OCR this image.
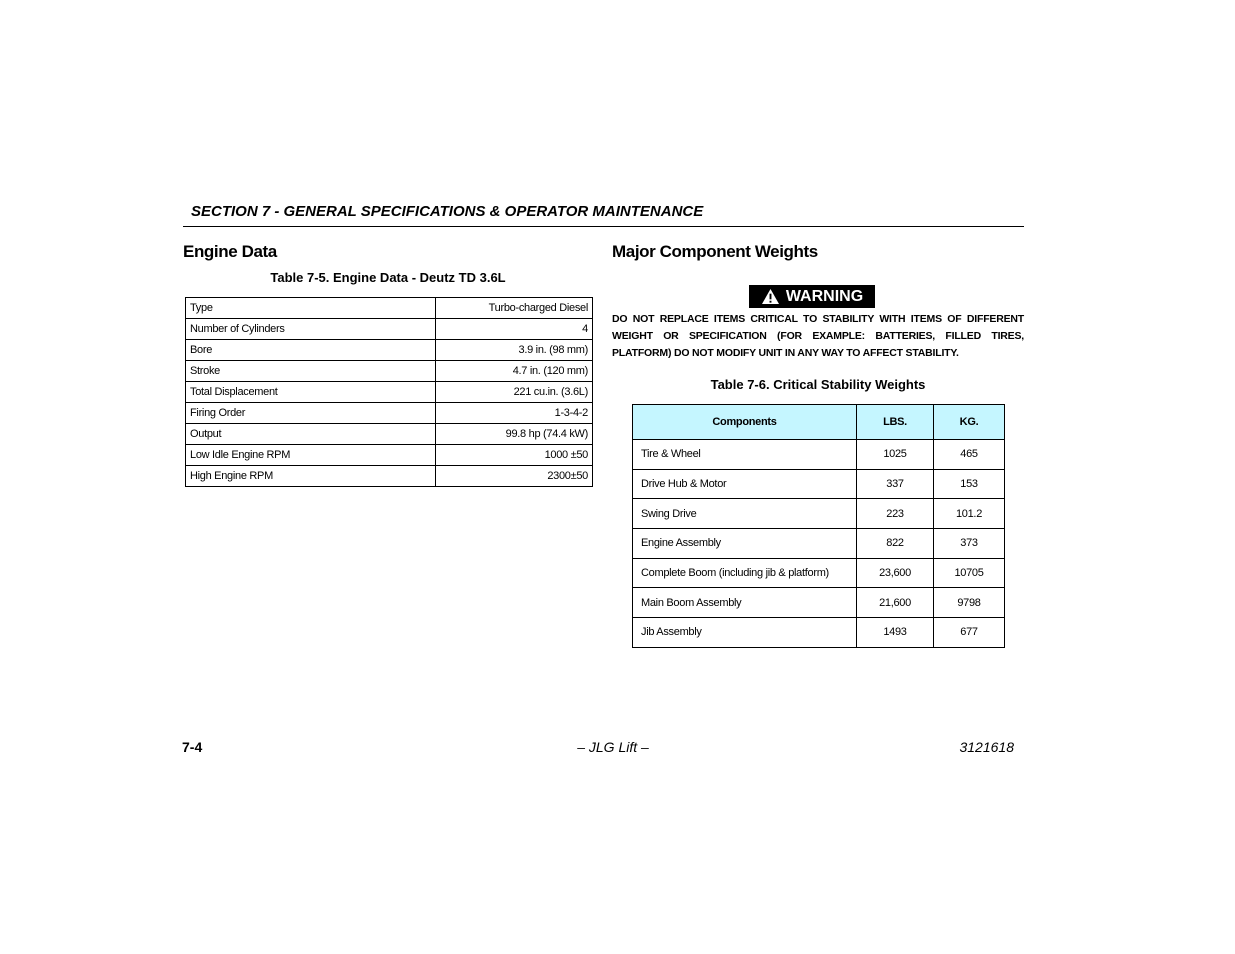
SECTION 7 - GENERAL SPECIFICATIONS & OPERATOR MAINTENANCE
Engine Data
Table 7-5. Engine Data - Deutz TD 3.6L
Type	Turbo-charged Diesel
Number of Cylinders	4
Bore	3.9 in. (98 mm)
Stroke	4.7 in. (120 mm)
Total Displacement	221 cu.in. (3.6L)
Firing Order	1-3-4-2
Output	99.8 hp (74.4 kW)
Low Idle Engine RPM	1000 ±50
High Engine RPM	2300±50
Major Component Weights
WARNING
DO NOT REPLACE ITEMS CRITICAL TO STABILITY WITH ITEMS OF DIFFERENT WEIGHT OR SPECIFICATION (FOR EXAMPLE: BATTERIES, FILLED TIRES, PLATFORM) DO NOT MODIFY UNIT IN ANY WAY TO AFFECT STABILITY.
Table 7-6. Critical Stability Weights
Components	LBS.	KG.
Tire & Wheel	1025	465
Drive Hub & Motor	337	153
Swing Drive	223	101.2
Engine Assembly	822	373
Complete Boom (including jib & platform)	23,600	10705
Main Boom Assembly	21,600	9798
Jib Assembly	1493	677
7-4	– JLG Lift –	3121618
